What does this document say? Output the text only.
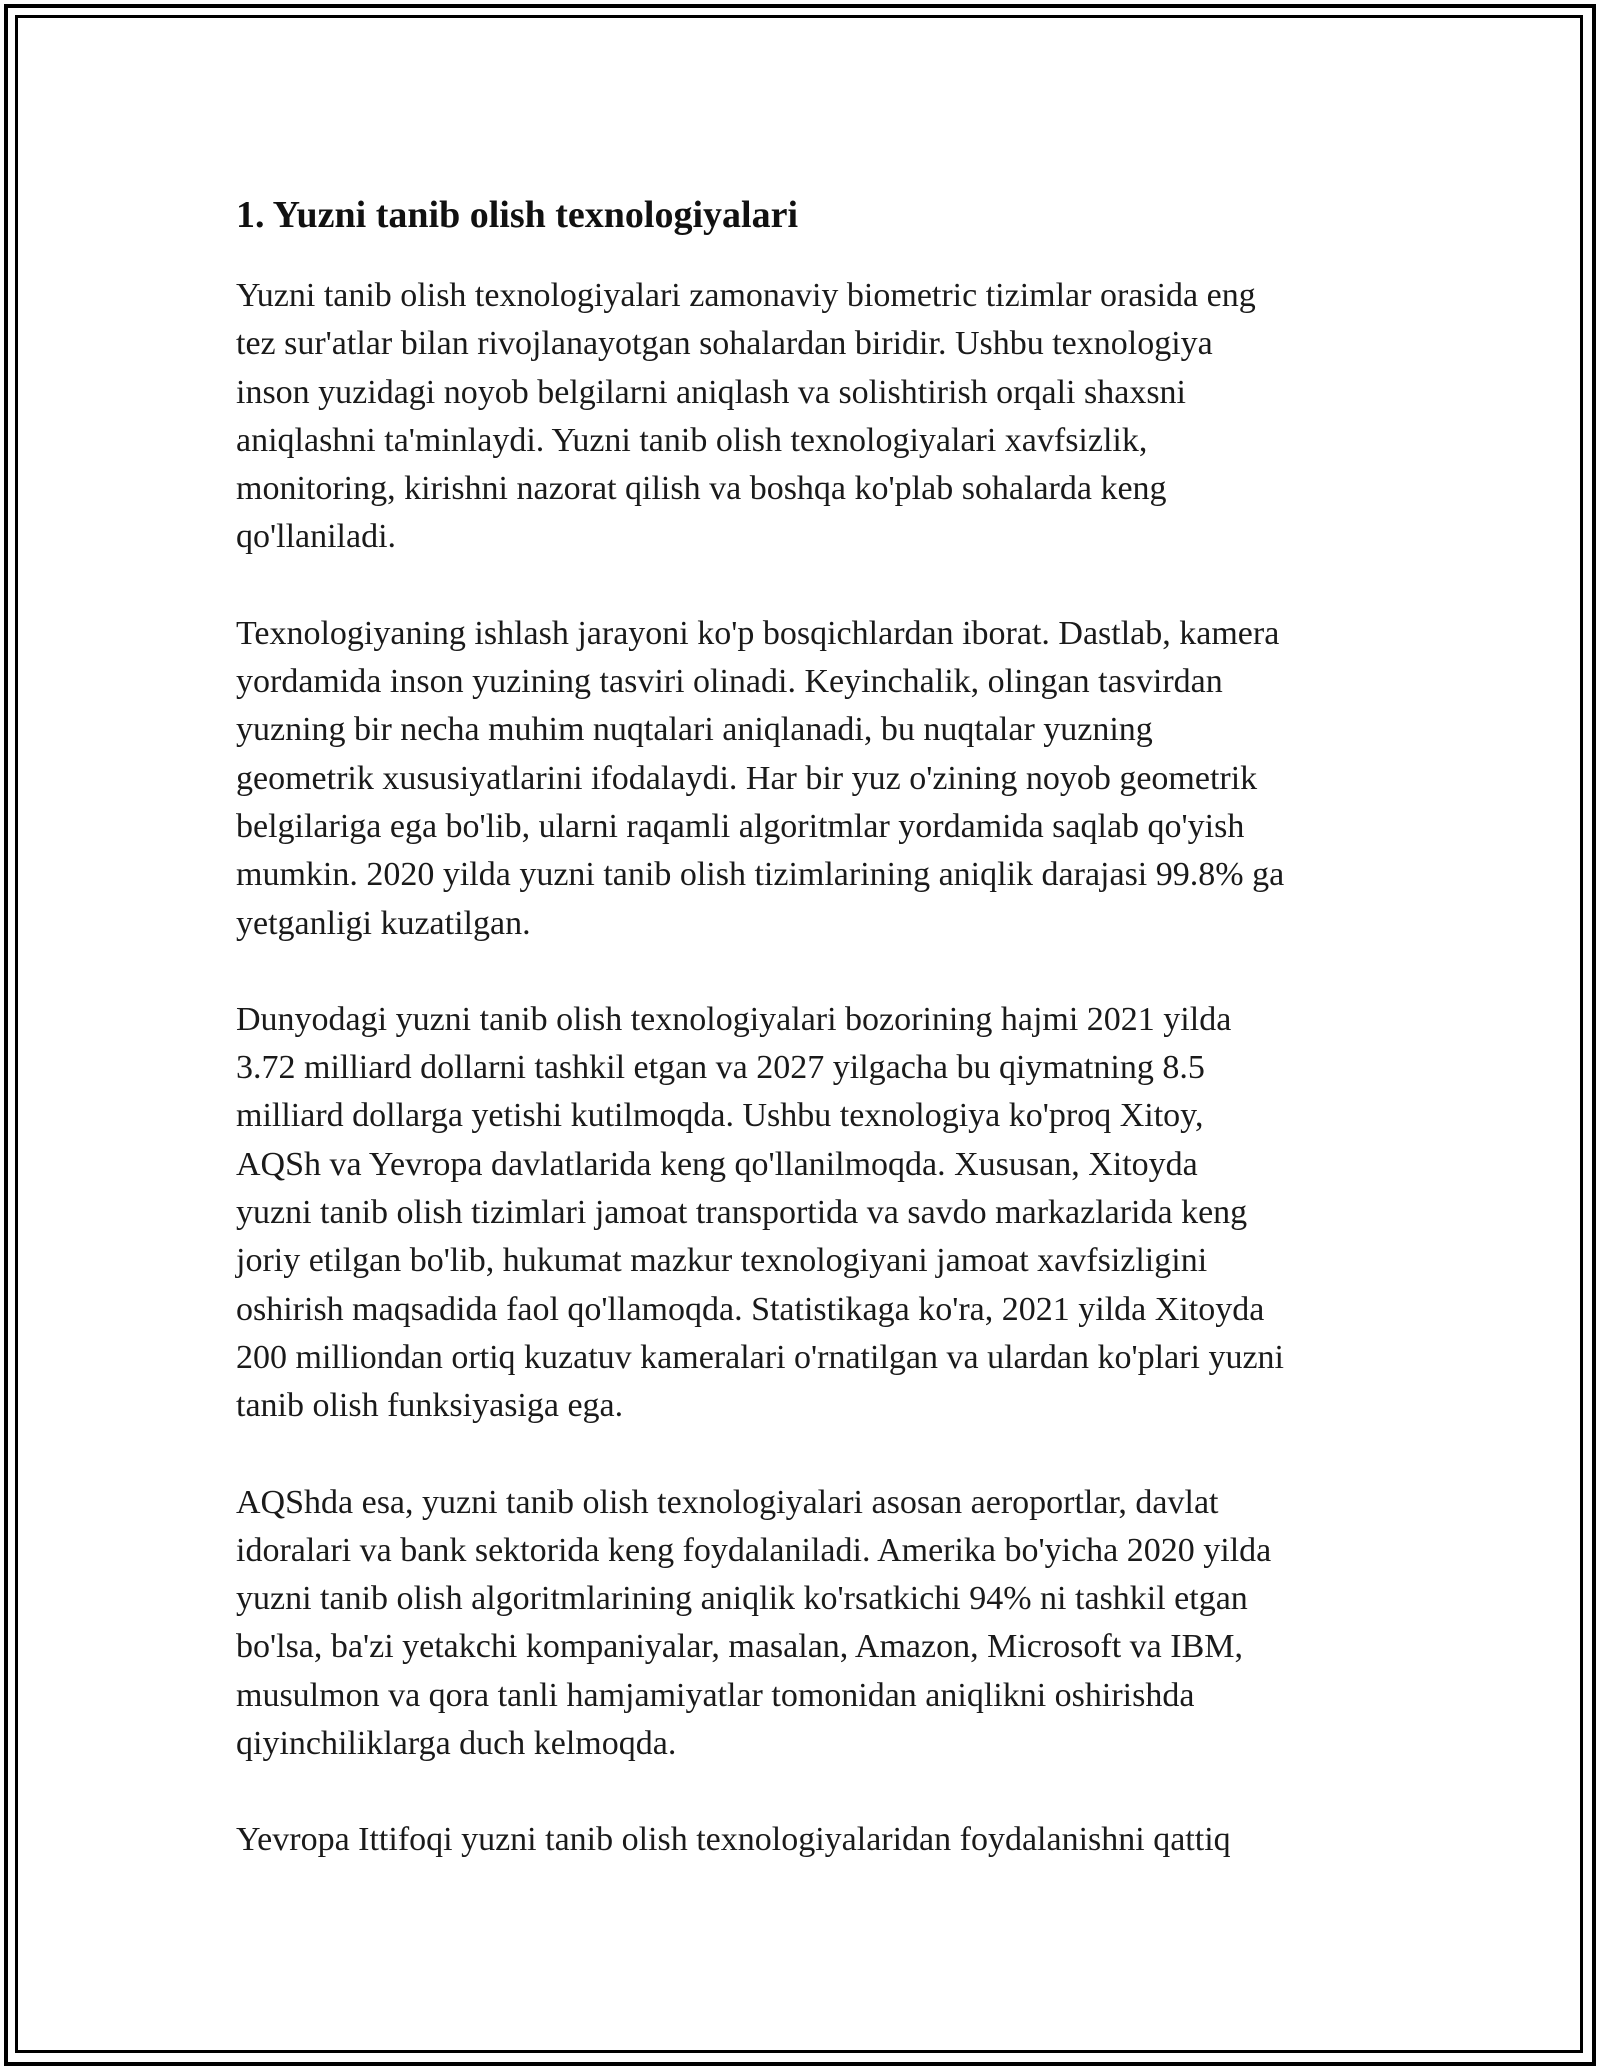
1. Yuzni tanib olish texnologiyalari

Yuzni tanib olish texnologiyalari zamonaviy biometric tizimlar orasida eng
tez sur'atlar bilan rivojlanayotgan sohalardan biridir. Ushbu texnologiya
inson yuzidagi noyob belgilarni aniqlash va solishtirish orqali shaxsni
aniqlashni ta'minlaydi. Yuzni tanib olish texnologiyalari xavfsizlik,
monitoring, kirishni nazorat qilish va boshqa ko'plab sohalarda keng
qo'llaniladi.

Texnologiyaning ishlash jarayoni ko'p bosqichlardan iborat. Dastlab, kamera
yordamida inson yuzining tasviri olinadi. Keyinchalik, olingan tasvirdan
yuzning bir necha muhim nuqtalari aniqlanadi, bu nuqtalar yuzning
geometrik xususiyatlarini ifodalaydi. Har bir yuz o'zining noyob geometrik
belgilariga ega bo'lib, ularni raqamli algoritmlar yordamida saqlab qo'yish
mumkin. 2020 yilda yuzni tanib olish tizimlarining aniqlik darajasi 99.8% ga
yetganligi kuzatilgan.

Dunyodagi yuzni tanib olish texnologiyalari bozorining hajmi 2021 yilda
3.72 milliard dollarni tashkil etgan va 2027 yilgacha bu qiymatning 8.5
milliard dollarga yetishi kutilmoqda. Ushbu texnologiya ko'proq Xitoy,
AQSh va Yevropa davlatlarida keng qo'llanilmoqda. Xususan, Xitoyda
yuzni tanib olish tizimlari jamoat transportida va savdo markazlarida keng
joriy etilgan bo'lib, hukumat mazkur texnologiyani jamoat xavfsizligini
oshirish maqsadida faol qo'llamoqda. Statistikaga ko'ra, 2021 yilda Xitoyda
200 milliondan ortiq kuzatuv kameralari o'rnatilgan va ulardan ko'plari yuzni
tanib olish funksiyasiga ega.

AQShda esa, yuzni tanib olish texnologiyalari asosan aeroportlar, davlat
idoralari va bank sektorida keng foydalaniladi. Amerika bo'yicha 2020 yilda
yuzni tanib olish algoritmlarining aniqlik ko'rsatkichi 94% ni tashkil etgan
bo'lsa, ba'zi yetakchi kompaniyalar, masalan, Amazon, Microsoft va IBM,
musulmon va qora tanli hamjamiyatlar tomonidan aniqlikni oshirishda
qiyinchiliklarga duch kelmoqda.

Yevropa Ittifoqi yuzni tanib olish texnologiyalaridan foydalanishni qattiq
